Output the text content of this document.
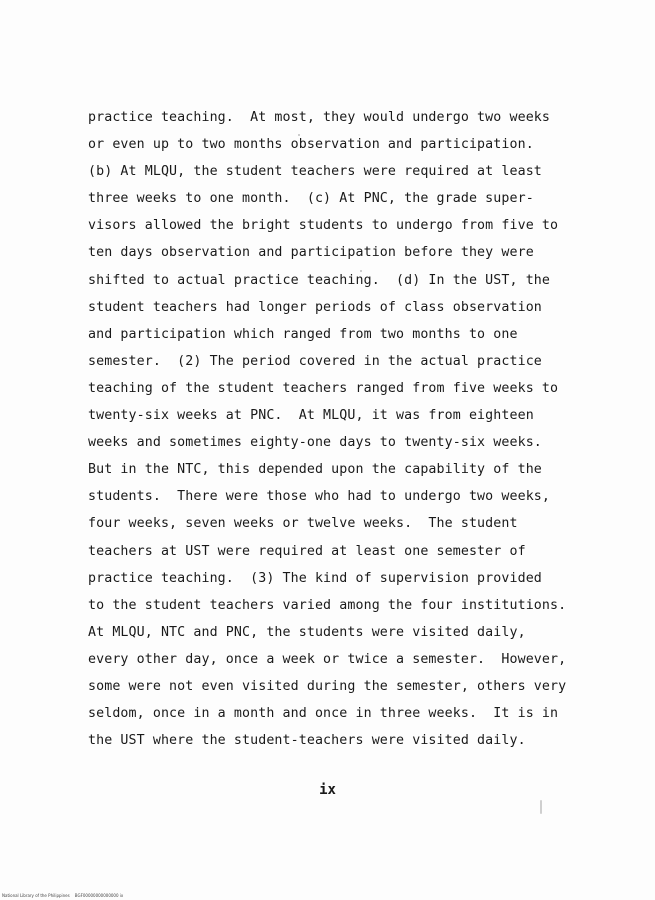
practice teaching.  At most, they would undergo two weeks
or even up to two months observation and participation.
(b) At MLQU, the student teachers were required at least
three weeks to one month.  (c) At PNC, the grade super-
visors allowed the bright students to undergo from five to
ten days observation and participation before they were
shifted to actual practice teaching.  (d) In the UST, the
student teachers had longer periods of class observation
and participation which ranged from two months to one
semester.  (2) The period covered in the actual practice
teaching of the student teachers ranged from five weeks to
twenty-six weeks at PNC.  At MLQU, it was from eighteen
weeks and sometimes eighty-one days to twenty-six weeks.
But in the NTC, this depended upon the capability of the
students.  There were those who had to undergo two weeks,
four weeks, seven weeks or twelve weeks.  The student
teachers at UST were required at least one semester of
practice teaching.  (3) The kind of supervision provided
to the student teachers varied among the four institutions.
At MLQU, NTC and PNC, the students were visited daily,
every other day, once a week or twice a semester.  However,
some were not even visited during the semester, others very
seldom, once in a month and once in three weeks.  It is in
the UST where the student-teachers were visited daily.
ix
National Library of the Philippines    BGF00000000000000 ix
